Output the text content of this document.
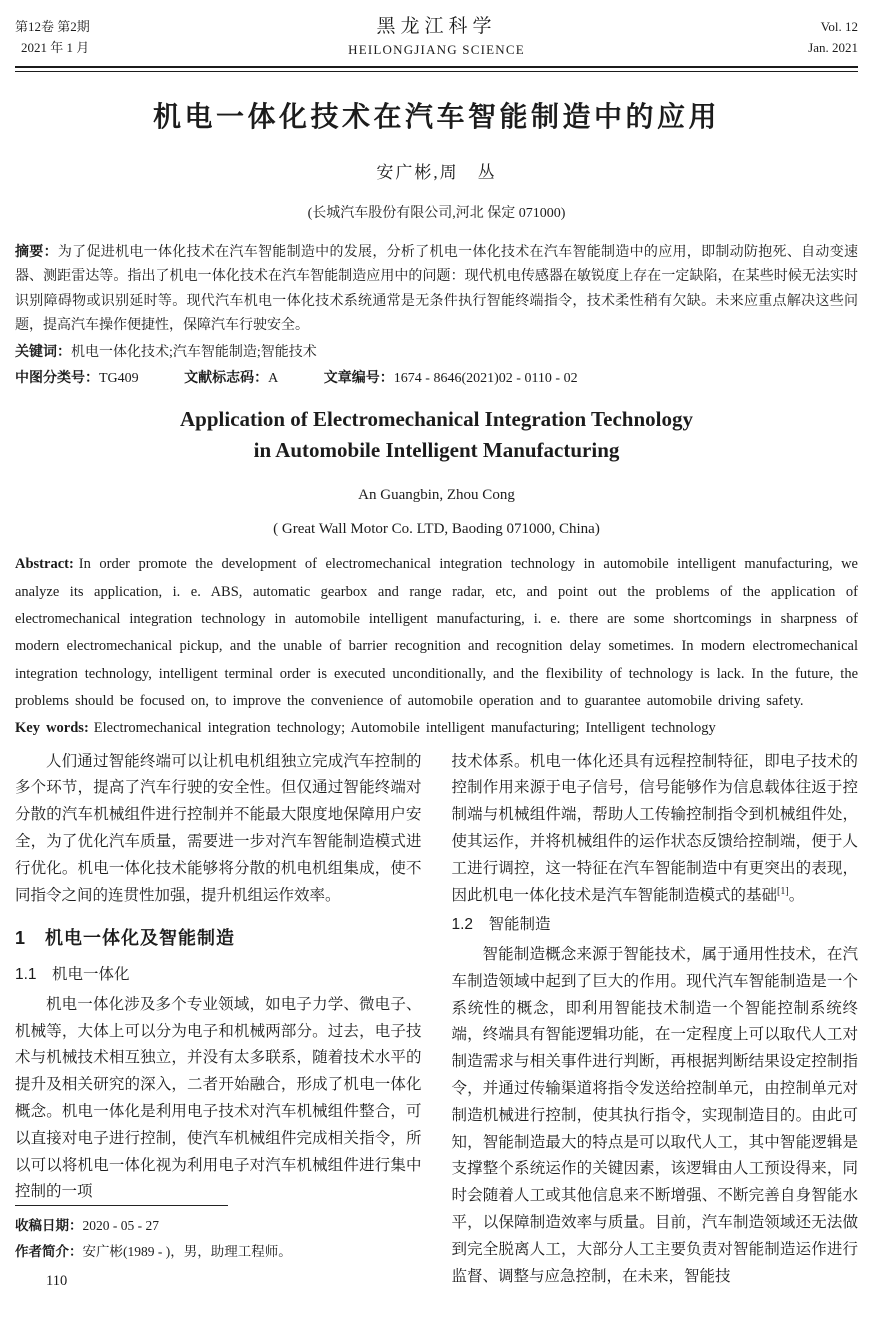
第12卷 第2期
2021 年 1 月
黑龙江科学
HEILONGJIANG SCIENCE
Vol. 12
Jan. 2021
机电一体化技术在汽车智能制造中的应用
安广彬,周　丛
(长城汽车股份有限公司,河北 保定 071000)

摘要：为了促进机电一体化技术在汽车智能制造中的发展，分析了机电一体化技术在汽车智能制造中的应用，即制动防抱死、自动变速器、测距雷达等。指出了机电一体化技术在汽车智能制造应用中的问题：现代机电传感器在敏锐度上存在一定缺陷，在某些时候无法实时识别障碍物或识别延时等。现代汽车机电一体化技术系统通常是无条件执行智能终端指令，技术柔性稍有欠缺。未来应重点解决这些问题，提高汽车操作便捷性，保障汽车行驶安全。

关键词：机电一体化技术;汽车智能制造;智能技术

中图分类号：TG409	文献标志码：A	文章编号：1674 - 8646(2021)02 - 0110 - 02

Application of Electromechanical Integration Technology
in Automobile Intelligent Manufacturing
An Guangbin, Zhou Cong
( Great Wall Motor Co. LTD, Baoding 071000, China)

Abstract: In order promote the development of electromechanical integration technology in automobile intelligent manufacturing, we analyze its application, i. e. ABS, automatic gearbox and range radar, etc, and point out the problems of the application of electromechanical integration technology in automobile intelligent manufacturing, i. e. there are some shortcomings in sharpness of modern electromechanical pickup, and the unable of barrier recognition and recognition delay sometimes. In modern electromechanical integration technology, intelligent terminal order is executed unconditionally, and the flexibility of technology is lack. In the future, the problems should be focused on, to improve the convenience of automobile operation and to guarantee automobile driving safety.

Key words: Electromechanical integration technology; Automobile intelligent manufacturing; Intelligent technology

人们通过智能终端可以让机电机组独立完成汽车控制的多个环节，提高了汽车行驶的安全性。但仅通过智能终端对分散的汽车机械组件进行控制并不能最大限度地保障用户安全，为了优化汽车质量，需要进一步对汽车智能制造模式进行优化。机电一体化技术能够将分散的机电机组集成，使不同指令之间的连贯性加强，提升机组运作效率。

1　机电一体化及智能制造
1.1　机电一体化

机电一体化涉及多个专业领域，如电子力学、微电子、机械等，大体上可以分为电子和机械两部分。过去，电子技术与机械技术相互独立，并没有太多联系，随着技术水平的提升及相关研究的深入，二者开始融合，形成了机电一体化概念。机电一体化是利用电子技术对汽车机械组件整合，可以直接对电子进行控制，使汽车机械组件完成相关指令，所以可以将机电一体化视为利用电子对汽车机械组件进行集中控制的一项

技术体系。机电一体化还具有远程控制特征，即电子技术的控制作用来源于电子信号，信号能够作为信息载体往返于控制端与机械组件端，帮助人工传输控制指令到机械组件处，使其运作，并将机械组件的运作状态反馈给控制端，便于人工进行调控，这一特征在汽车智能制造中有更突出的表现，因此机电一体化技术是汽车智能制造模式的基础[1]。

1.2　智能制造

智能制造概念来源于智能技术，属于通用性技术，在汽车制造领域中起到了巨大的作用。现代汽车智能制造是一个系统性的概念，即利用智能技术制造一个智能控制系统终端，终端具有智能逻辑功能，在一定程度上可以取代人工对制造需求与相关事件进行判断，再根据判断结果设定控制指令，并通过传输渠道将指令发送给控制单元，由控制单元对制造机械进行控制，使其执行指令，实现制造目的。由此可知，智能制造最大的特点是可以取代人工，其中智能逻辑是支撑整个系统运作的关键因素，该逻辑由人工预设得来，同时会随着人工或其他信息来不断增强、不断完善自身智能水平，以保障制造效率与质量。目前，汽车制造领域还无法做到完全脱离人工，大部分人工主要负责对智能制造运作进行监督、调整与应急控制，在未来，智能技

收稿日期：2020 - 05 - 27

作者简介：安广彬(1989 - )，男，助理工程师。

110
